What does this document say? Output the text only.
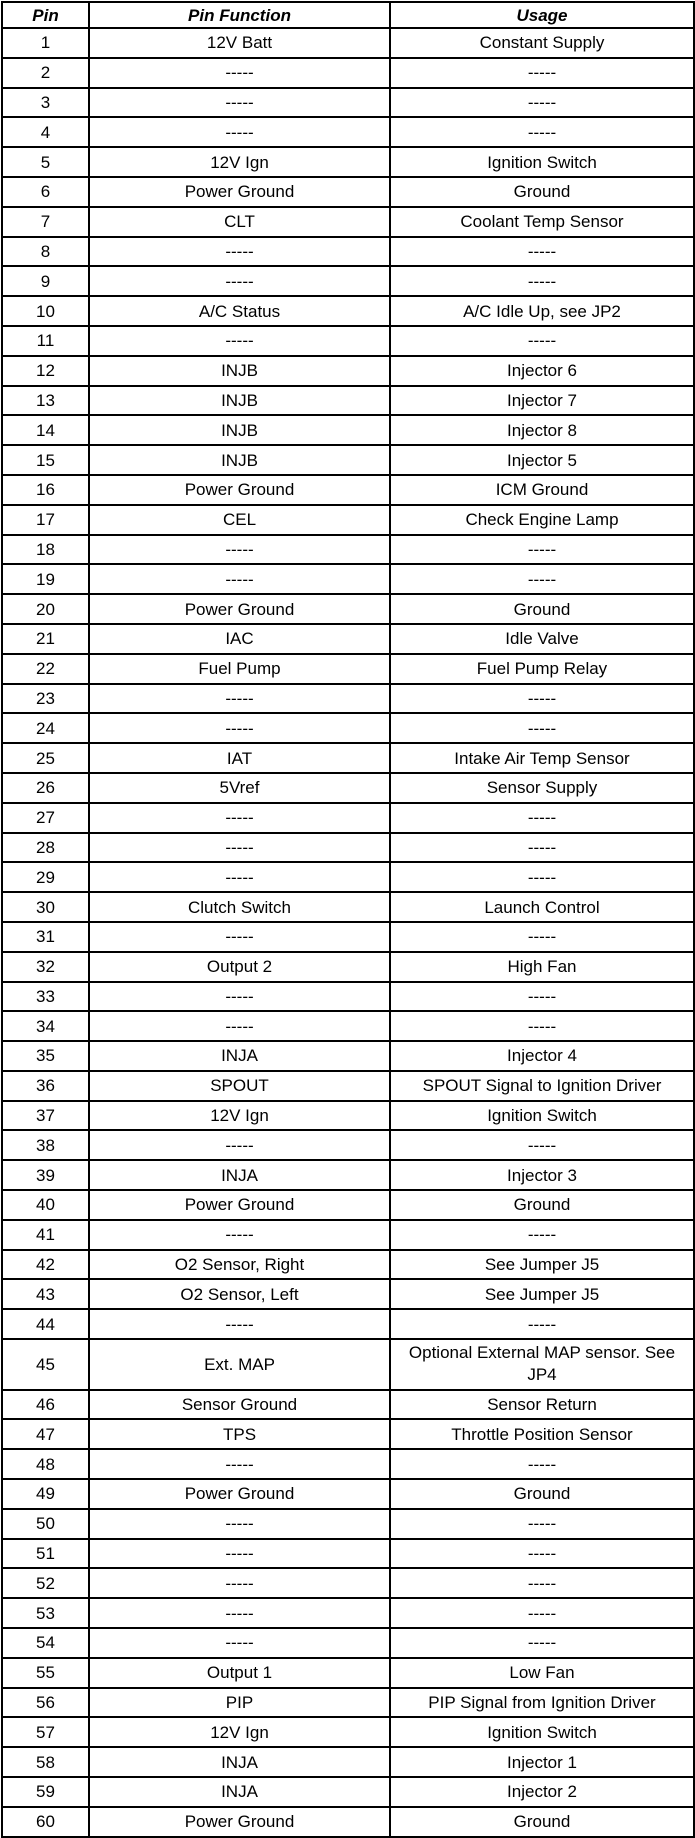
Pin	Pin Function	Usage
1	12V Batt	Constant Supply
2	-----	-----
3	-----	-----
4	-----	-----
5	12V Ign	Ignition Switch
6	Power Ground	Ground
7	CLT	Coolant Temp Sensor
8	-----	-----
9	-----	-----
10	A/C Status	A/C Idle Up, see JP2
11	-----	-----
12	INJB	Injector 6
13	INJB	Injector 7
14	INJB	Injector 8
15	INJB	Injector 5
16	Power Ground	ICM Ground
17	CEL	Check Engine Lamp
18	-----	-----
19	-----	-----
20	Power Ground	Ground
21	IAC	Idle Valve
22	Fuel Pump	Fuel Pump Relay
23	-----	-----
24	-----	-----
25	IAT	Intake Air Temp Sensor
26	5Vref	Sensor Supply
27	-----	-----
28	-----	-----
29	-----	-----
30	Clutch Switch	Launch Control
31	-----	-----
32	Output 2	High Fan
33	-----	-----
34	-----	-----
35	INJA	Injector 4
36	SPOUT	SPOUT Signal to Ignition Driver
37	12V Ign	Ignition Switch
38	-----	-----
39	INJA	Injector 3
40	Power Ground	Ground
41	-----	-----
42	O2 Sensor, Right	See Jumper J5
43	O2 Sensor, Left	See Jumper J5
44	-----	-----
45	Ext. MAP	Optional External MAP sensor. See JP4
46	Sensor Ground	Sensor Return
47	TPS	Throttle Position Sensor
48	-----	-----
49	Power Ground	Ground
50	-----	-----
51	-----	-----
52	-----	-----
53	-----	-----
54	-----	-----
55	Output 1	Low Fan
56	PIP	PIP Signal from Ignition Driver
57	12V Ign	Ignition Switch
58	INJA	Injector 1
59	INJA	Injector 2
60	Power Ground	Ground
